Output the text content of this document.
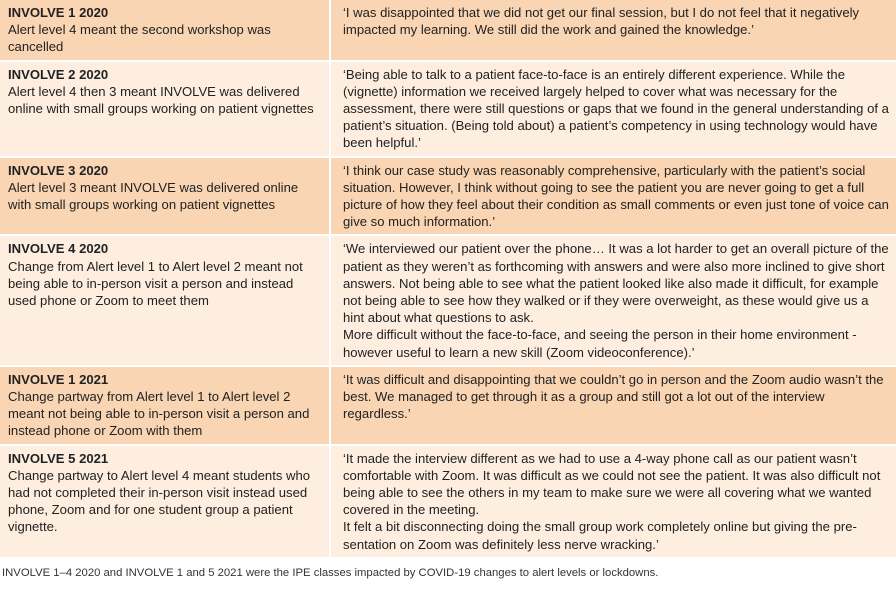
INVOLVE 1 2020
Alert level 4 meant the second workshop was cancelled
‘I was disappointed that we did not get our final session, but I do not feel that it negatively impacted my learning. We still did the work and gained the knowledge.’
INVOLVE 2 2020
Alert level 4 then 3 meant INVOLVE was delivered online with small groups working on patient vignettes
‘Being able to talk to a patient face-to-face is an entirely different experience. While the (vignette) information we received largely helped to cover what was necessary for the assessment, there were still questions or gaps that we found in the general understanding of a patient’s situation. (Being told about) a patient’s competency in using technology would have been helpful.’
INVOLVE 3 2020
Alert level 3 meant INVOLVE was delivered online with small groups working on patient vignettes
‘I think our case study was reasonably comprehensive, particularly with the patient’s social situation. However, I think without going to see the patient you are never going to get a full picture of how they feel about their condition as small comments or even just tone of voice can give so much information.’
INVOLVE 4 2020
Change from Alert level 1 to Alert level 2 meant not being able to in-person visit a person and instead used phone or Zoom to meet them
‘We interviewed our patient over the phone… It was a lot harder to get an overall picture of the patient as they weren’t as forthcoming with answers and were also more inclined to give short answers. Not being able to see what the patient looked like also made it difficult, for example not being able to see how they walked or if they were overweight, as these would give us a hint about what questions to ask.
More difficult without the face-to-face, and seeing the person in their home environment - however useful to learn a new skill (Zoom videoconference).’
INVOLVE 1 2021
Change partway from Alert level 1 to Alert level 2 meant not being able to in-person visit a person and instead phone or Zoom with them
‘It was difficult and disappointing that we couldn’t go in person and the Zoom audio wasn’t the best. We managed to get through it as a group and still got a lot out of the interview regardless.’
INVOLVE 5 2021
Change partway to Alert level 4 meant students who had not completed their in-person visit instead used phone, Zoom and for one student group a patient vignette.
‘It made the interview different as we had to use a 4-way phone call as our patient wasn’t comfortable with Zoom. It was difficult as we could not see the patient. It was also difficult not being able to see the others in my team to make sure we were all covering what we wanted covered in the meeting.
It felt a bit disconnecting doing the small group work completely online but giving the pre-sentation on Zoom was definitely less nerve wracking.’
INVOLVE 1–4 2020 and INVOLVE 1 and 5 2021 were the IPE classes impacted by COVID-19 changes to alert levels or lockdowns.
